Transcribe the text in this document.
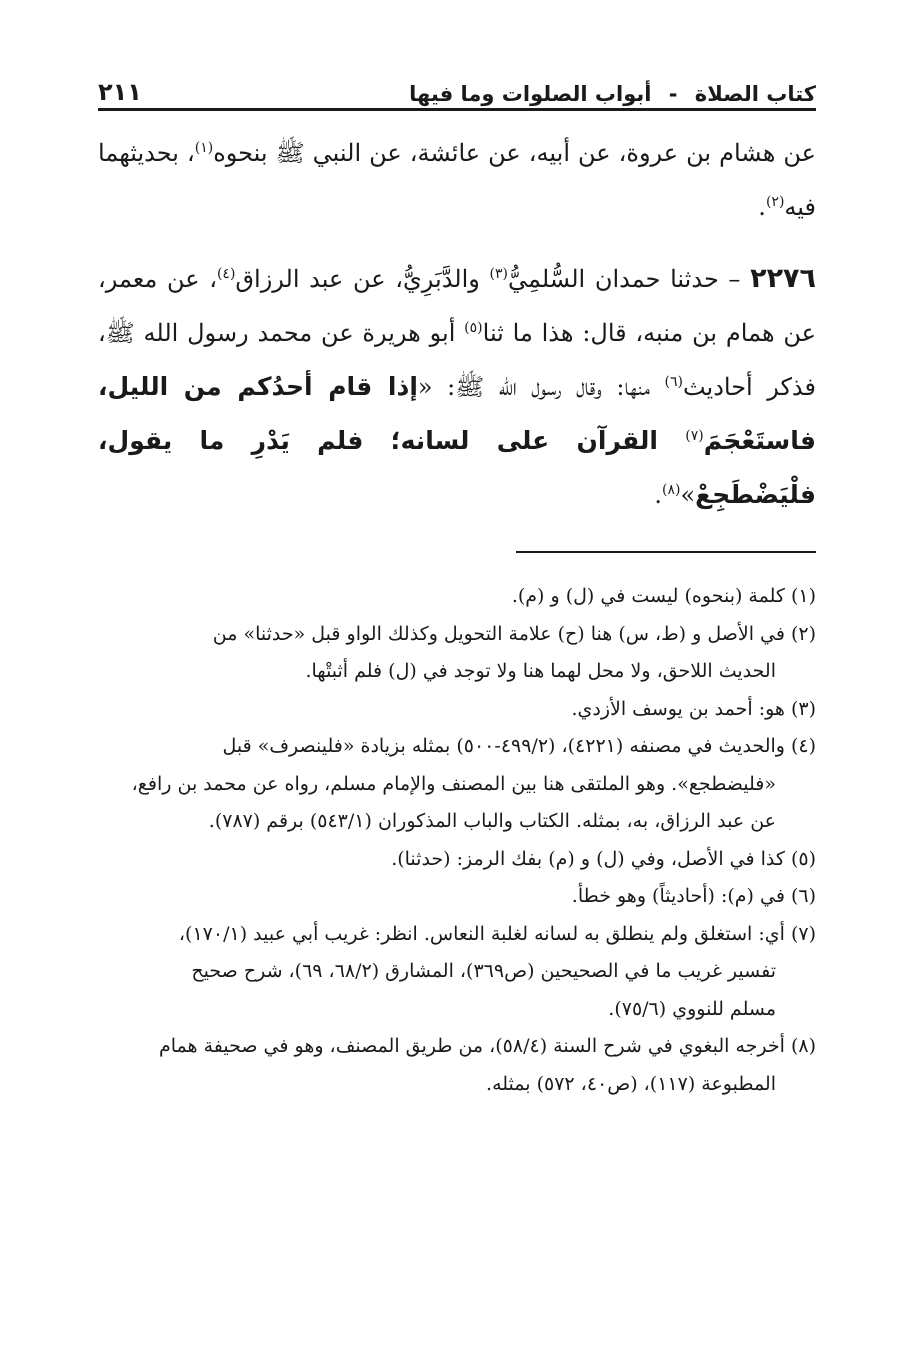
كتاب الصلاة - أبواب الصلوات وما فيها
٢١١

عن هشام بن عروة، عن أبيه، عن عائشة، عن النبي ﷺ بنحوه$^{(١)}$، بحديثهما فيه$^{(٢)}$.

٢٢٧٦ – حدثنا حمدان السُّلمِيُّ$^{(٣)}$ والدَّبَرِيُّ، عن عبد الرزاق$^{(٤)}$، عن معمر، عن همام بن منبه، قال: هذا ما ثنا$^{(٥)}$ أبو هريرة عن محمد رسول الله ﷺ، فذكر أحاديث$^{(٦)}$ منها: وقال رسول الله ﷺ: «إذا قام أحدُكم من الليل، فاستَعْجَمَ$^{(٧)}$ القرآن على لسانه؛ فلم يَدْرِ ما يقول، فلْيَضْطَجِعْ»$^{(٨)}$.

(١)كلمة (بنحوه) ليست في (ل) و (م).
(٢)في الأصل و (ط، س) هنا (ح) علامة التحويل وكذلك الواو قبل «حدثنا» من
الحديث اللاحق، ولا محل لهما هنا ولا توجد في (ل) فلم أثبتْها.
(٣)هو: أحمد بن يوسف الأزدي.
(٤)والحديث في مصنفه (٤٢٢١)، (٤٩٩/٢-٥٠٠) بمثله بزيادة «فلينصرف» قبل
«فليضطجع». وهو الملتقى هنا بين المصنف والإمام مسلم، رواه عن محمد بن رافع،
عن عبد الرزاق، به، بمثله. الكتاب والباب المذكوران (٥٤٣/١) برقم (٧٨٧).
(٥)كذا في الأصل، وفي (ل) و (م) بفك الرمز: (حدثنا).
(٦)في (م): (أحاديثاً) وهو خطأ.
(٧)أي: استغلق ولم ينطلق به لسانه لغلبة النعاس. انظر: غريب أبي عبيد (١٧٠/١)،
تفسير غريب ما في الصحيحين (ص٣٦٩)، المشارق (٦٨/٢، ٦٩)، شرح صحيح
مسلم للنووي (٧٥/٦).
(٨)أخرجه البغوي في شرح السنة (٥٨/٤)، من طريق المصنف، وهو في صحيفة همام
المطبوعة (١١٧)، (ص٤٠، ٥٧٢) بمثله.
